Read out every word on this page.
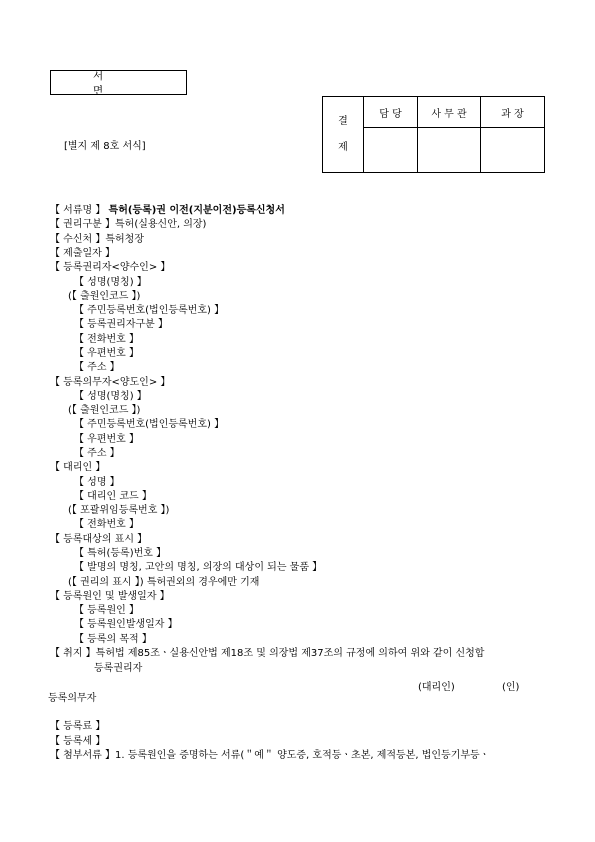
서 면
[별지 제 8호 서식]
결
제	담 당	사 무 관	과 장

【 서류명 】 특허(등록)권 이전(지분이전)등록신청서
【 권리구분 】특허(실용신안, 의장)
【 수신처 】특허청장
【 제출일자 】
【 등록권리자<양수인> 】
【 성명(명칭) 】
(【 출원인코드 】)
【 주민등록번호(법인등록번호) 】
【 등록권리자구분 】
【 전화번호 】
【 우편번호 】
【 주소 】
【 등록의무자<양도인> 】
【 성명(명칭) 】
(【 출원인코드 】)
【 주민등록번호(법인등록번호) 】
【 우편번호 】
【 주소 】
【 대리인 】
【 성명 】
【 대리인 코드 】
(【 포괄위임등록번호 】)
【 전화번호 】
【 등록대상의 표시 】
【 특허(등록)번호 】
【 발명의 명칭, 고안의 명칭, 의장의 대상이 되는 물품 】
(【 권리의 표시 】) 특허권외의 경우에만 기재
【 등록원인 및 발생일자 】
【 등록원인 】
【 등록원인발생일자 】
【 등록의 목적 】
【 취지 】특허법 제85조ㆍ실용신안법 제18조 및 의장법 제37조의 규정에 의하여 위와 같이 신청합
등록권리자
(대리인)	(인)
등록의무자
【 등록료 】
【 등록세 】
【 첨부서류 】1. 등록원인을 증명하는 서류(＂예＂ 양도증, 호적등ㆍ초본, 제적등본, 법인등기부등ㆍ
